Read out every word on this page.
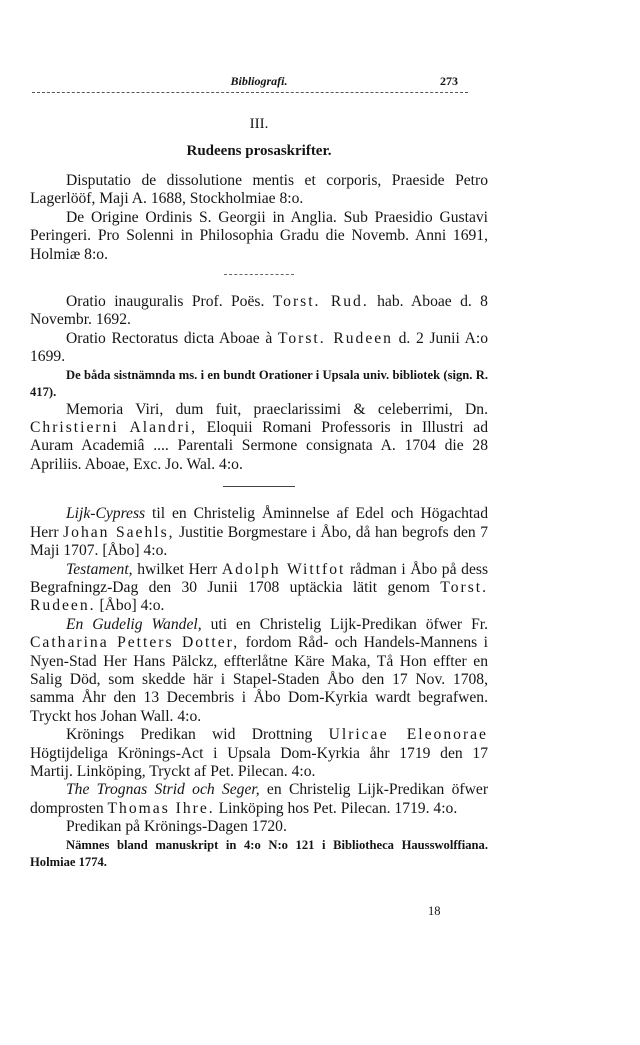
Bibliografi.	273
III.
Rudeens prosaskrifter.

Disputatio de dissolutione mentis et corporis, Praeside Petro Lagerlööf, Maji A. 1688, Stockholmiae 8:o.

De Origine Ordinis S. Georgii in Anglia. Sub Praesidio Gustavi Peringeri. Pro Solenni in Philosophia Gradu die Novemb. Anni 1691, Holmiæ 8:o.

Oratio inauguralis Prof. Poës. Torst. Rud. hab. Aboae d. 8 Novembr. 1692.

Oratio Rectoratus dicta Aboae à Torst. Rudeen d. 2 Junii A:o 1699.

De båda sistnämnda ms. i en bundt Orationer i Upsala univ. bibliotek (sign. R. 417).

Memoria Viri, dum fuit, praeclarissimi & celeberrimi, Dn. Christierni Alandri, Eloquii Romani Professoris in Illustri ad Auram Academiâ .... Parentali Sermone consignata A. 1704 die 28 Apriliis. Aboae, Exc. Jo. Wal. 4:o.

Lijk-Cypress til en Christelig Åminnelse af Edel och Högachtad Herr Johan Saehls, Justitie Borgmestare i Åbo, då han begrofs den 7 Maji 1707. [Åbo] 4:o.

Testament, hwilket Herr Adolph Wittfot rådman i Åbo på dess Begrafningz-Dag den 30 Junii 1708 uptäckia lätit genom Torst. Rudeen. [Åbo] 4:o.

En Gudelig Wandel, uti en Christelig Lijk-Predikan öfwer Fr. Catharina Petters Dotter, fordom Råd- och Handels-Mannens i Nyen-Stad Her Hans Pälckz, effterlåtne Käre Maka, Tå Hon effter en Salig Död, som skedde här i Stapel-Staden Åbo den 17 Nov. 1708, samma Åhr den 13 Decembris i Åbo Dom-Kyrkia wardt begrafwen. Tryckt hos Johan Wall. 4:o.

Krönings Predikan wid Drottning Ulricae Eleonorae Högtijdeliga Krönings-Act i Upsala Dom-Kyrkia åhr 1719 den 17 Martij. Linköping, Tryckt af Pet. Pilecan. 4:o.

The Trognas Strid och Seger, en Christelig Lijk-Predikan öfwer domprosten Thomas Ihre. Linköping hos Pet. Pilecan. 1719. 4:o.

Predikan på Krönings-Dagen 1720.

Nämnes bland manuskript in 4:o N:o 121 i Bibliotheca Hausswolffiana. Holmiae 1774.

18
